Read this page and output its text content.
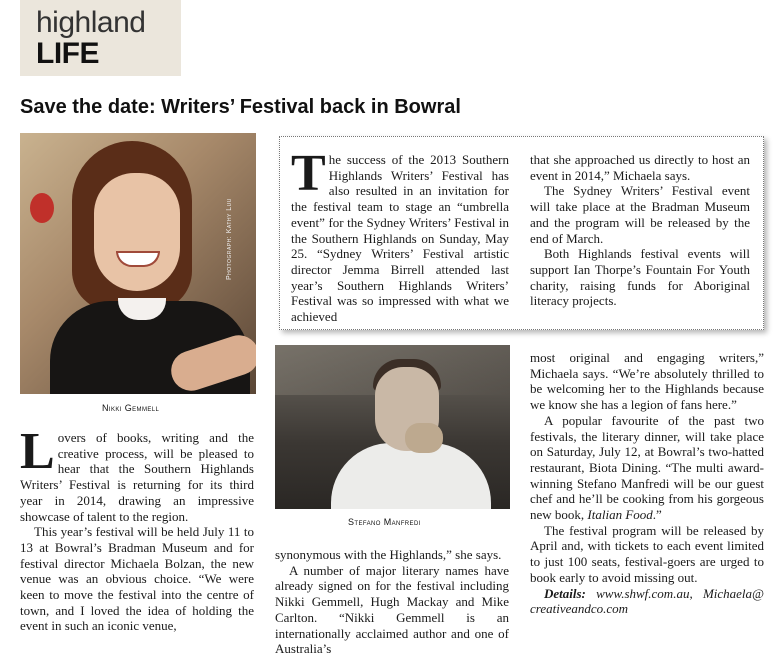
highland
LIFE
Save the date: Writers’ Festival back in Bowral
Photograph: Kathy Luu
Nikki Gemmell

The success of the 2013 Southern Highlands Writers’ Festival has also resulted in an invitation for the festival team to stage an “umbrella event” for the Sydney Writers’ Festival in the Southern Highlands on Sunday, May 25. “Sydney Writers’ Festival artistic director Jemma Birrell attended last year’s Southern Highlands Writers’ Festival was so impressed with what we achieved

that she approached us directly to host an event in 2014,” Michaela says.

The Sydney Writers’ Festival event will take place at the Bradman Museum and the program will be released by the end of March.

Both Highlands festival events will support Ian Thorpe’s Fountain For Youth charity, raising funds for Aboriginal literacy projects.

Stefano Manfredi

Lovers of books, writing and the creative process, will be pleased to hear that the Southern Highlands Writers’ Festival is returning for its third year in 2014, drawing an impressive showcase of talent to the region.

This year’s festival will be held July 11 to 13 at Bowral’s Bradman Museum and for festival director Michaela Bolzan, the new venue was an obvious choice. “We were keen to move the festival into the centre of town, and I loved the idea of holding the event in such an iconic venue,

synonymous with the Highlands,” she says.

A number of major literary names have already signed on for the festival including Nikki Gemmell, Hugh Mackay and Mike Carlton. “Nikki Gemmell is an internationally acclaimed author and one of Australia’s

most original and engaging writers,” Michaela says. “We’re absolutely thrilled to be welcoming her to the Highlands because we know she has a legion of fans here.”

A popular favourite of the past two festivals, the literary dinner, will take place on Saturday, July 12, at Bowral’s two-hatted restaurant, Biota Dining. “The multi award-winning Stefano Manfredi will be our guest chef and he’ll be cooking from his gorgeous new book, Italian Food.”

The festival program will be released by April and, with tickets to each event limited to just 100 seats, festival-goers are urged to book early to avoid missing out.

Details: www.shwf.com.au, Michaela@ creativeandco.com
